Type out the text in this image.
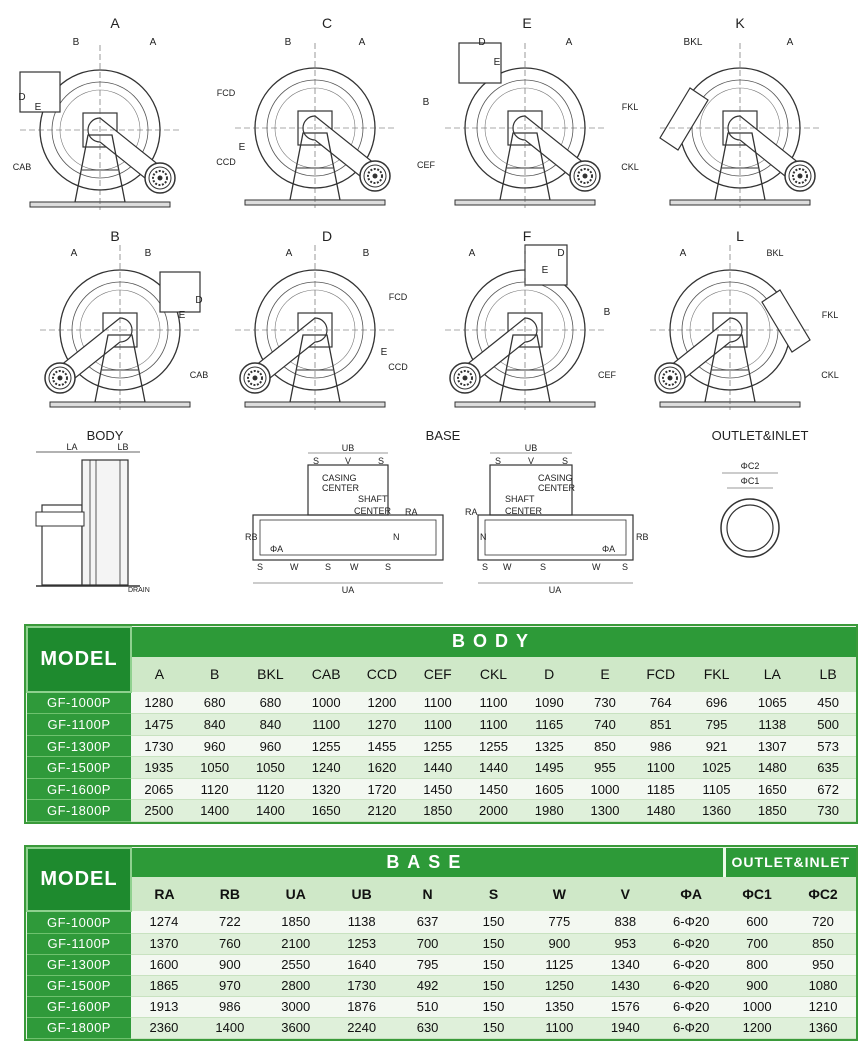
A	C	E	K
B	D	F	L
B	A
D
E
CAB
B	A
FCD
E
CCD
D	A
E
B
CEF
BKL	A
FKL
CKL
A	B
E
D
CAB
A	B
FCD
E
CCD
A	D
E
B
CEF
A	BKL
FKL
CKL
BODY
LA	LB
DRAIN
BASE
UB
S	V	S
CASING
CENTER
SHAFT
CENTER
RB
RA
N
ΦA
S	W	S W	S
UA
UB
S	V	S
CASING
CENTER
SHAFT
CENTER
RB
RA
N
ΦA
S W	S	W S
UA
OUTLET&INLET
ΦC2
ΦC1
MODEL	BODY												
	A	B	BKL	CAB	CCD	CEF	CKL	D	E	FCD	FKL	LA	LB
GF-1000P	1280	680	680	1000	1200	1100	1100	1090	730	764	696	1065	450
GF-1100P	1475	840	840	1100	1270	1100	1100	1165	740	851	795	1138	500
GF-1300P	1730	960	960	1255	1455	1255	1255	1325	850	986	921	1307	573
GF-1500P	1935	1050	1050	1240	1620	1440	1440	1495	955	1100	1025	1480	635
GF-1600P	2065	1120	1120	1320	1720	1450	1450	1605	1000	1185	1105	1650	672
GF-1800P	2500	1400	1400	1650	2120	1850	2000	1980	1300	1480	1360	1850	730
MODEL	BASE									OUTLET&INLET	
	RA	RB	UA	UB	N	S	W	V	ΦA	ΦC1	ΦC2
GF-1000P	1274	722	1850	1138	637	150	775	838	6-Φ20	600	720
GF-1100P	1370	760	2100	1253	700	150	900	953	6-Φ20	700	850
GF-1300P	1600	900	2550	1640	795	150	1125	1340	6-Φ20	800	950
GF-1500P	1865	970	2800	1730	492	150	1250	1430	6-Φ20	900	1080
GF-1600P	1913	986	3000	1876	510	150	1350	1576	6-Φ20	1000	1210
GF-1800P	2360	1400	3600	2240	630	150	1100	1940	6-Φ20	1200	1360
